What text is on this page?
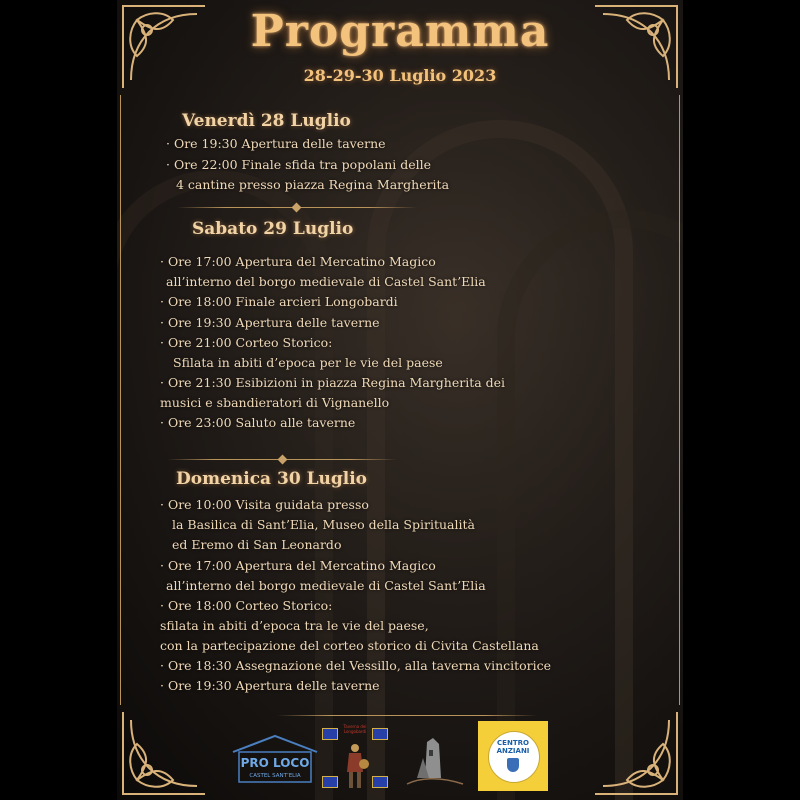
Programma
28-29-30 Luglio 2023
Venerdì 28 Luglio
· Ore 19:30 Apertura delle taverne
· Ore 22:00 Finale sfida tra popolani delle
4 cantine presso piazza Regina Margherita
Sabato 29 Luglio
· Ore 17:00 Apertura del Mercatino Magico
all’interno del borgo medievale di Castel Sant’Elia
· Ore 18:00 Finale arcieri Longobardi
· Ore 19:30 Apertura delle taverne
· Ore 21:00 Corteo Storico:
Sfilata in abiti d’epoca per le vie del paese
· Ore 21:30 Esibizioni in piazza Regina Margherita dei
musici e sbandieratori di Vignanello
· Ore 23:00 Saluto alle taverne
Domenica 30 Luglio
· Ore 10:00 Visita guidata presso
la Basilica di Sant’Elia, Museo della Spiritualità
ed Eremo di San Leonardo
· Ore 17:00 Apertura del Mercatino Magico
all’interno del borgo medievale di Castel Sant’Elia
· Ore 18:00 Corteo Storico:
sfilata in abiti d’epoca tra le vie del paese,
con la partecipazione del corteo storico di Civita Castellana
· Ore 18:30 Assegnazione del Vessillo, alla taverna vincitorice
· Ore 19:30 Apertura delle taverne
PRO LOCO
CASTEL SANT’ELIA
Taverna dei Longobardi
CENTRO
ANZIANI
